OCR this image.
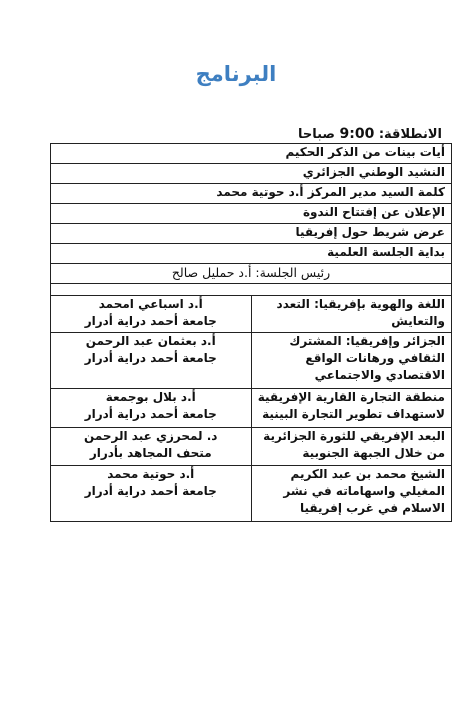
البرنامج
الانطلاقة: 9:00 صباحا
أيات بينات من الذكر الحكيم	
النشيد الوطني الجزائري	
كلمة السيد مدير المركز أ.د حوتية محمد	
الإعلان عن إفتتاح الندوة	
عرض شريط حول إفريقيا	
بداية الجلسة العلمية	
رئيس الجلسة: أ.د حمليل صالح	

اللغة والهوية بإفريقيا: التعدد والتعايش	أ.د اسباعي امحمد
جامعة أحمد دراية أدرار

الجزائر وإفريقيا: المشترك الثقافي ورهانات الواقع الاقتصادي والاجتماعي	أ.د بعثمان عبد الرحمن
جامعة أحمد دراية أدرار

منطقة التجارة القارية الإفريقية لاستهداف تطوير التجارة البينية	أ.د بلال بوجمعة
جامعة أحمد دراية أدرار

البعد الإفريقي للثورة الجزائرية من خلال الجبهة الجنوبية	د. لمحرزي عبد الرحمن
متحف المجاهد بأدرار

الشيخ محمد بن عبد الكريم المغيلي واسهاماته في نشر الاسلام في غرب إفريقيا	أ.د حوتية محمد
جامعة أحمد دراية أدرار
